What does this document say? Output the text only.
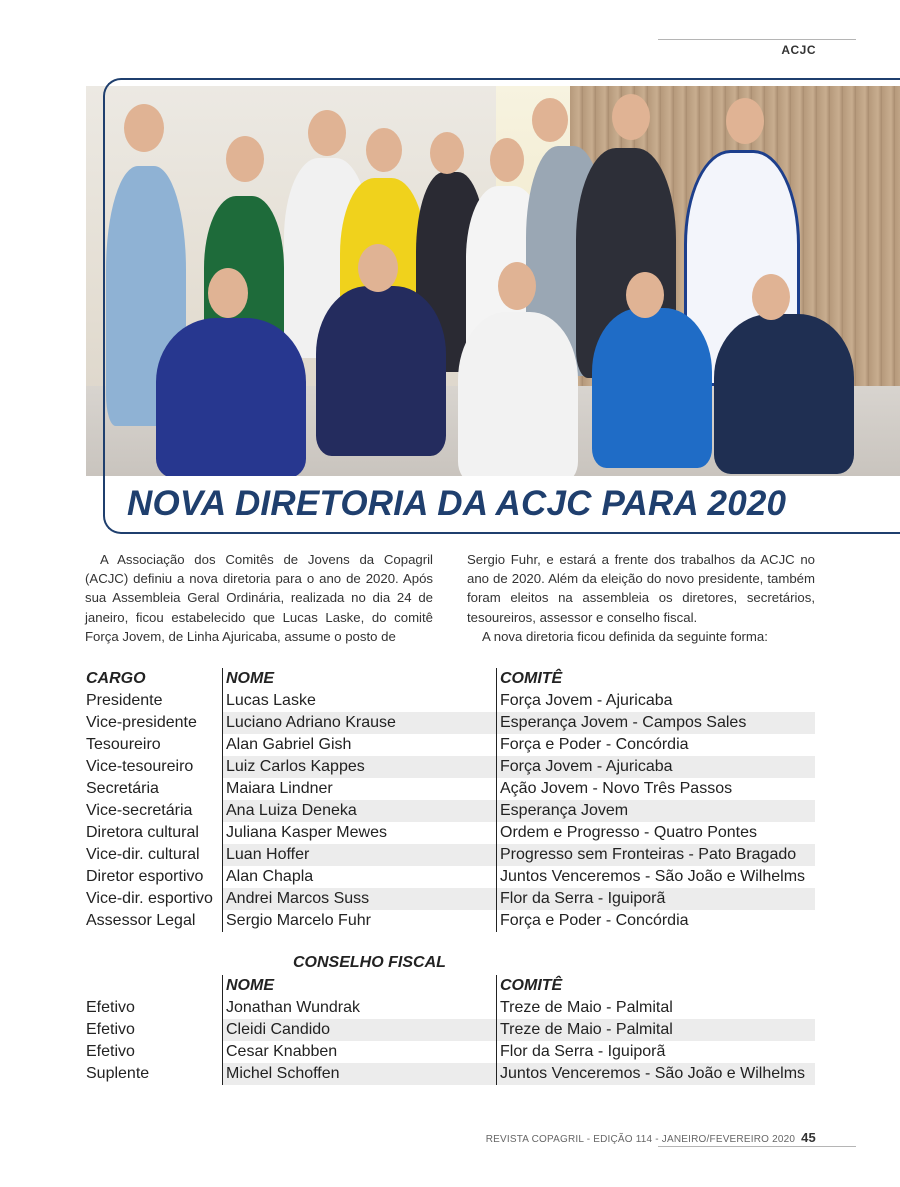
ACJC
NOVA DIRETORIA DA ACJC PARA 2020

A Associação dos Comitês de Jovens da Copagril (ACJC) definiu a nova diretoria para o ano de 2020. Após sua Assembleia Geral Ordinária, realizada no dia 24 de janeiro, ficou estabelecido que Lucas Laske, do comitê Força Jovem, de Linha Ajuricaba, assume o posto de

Sergio Fuhr, e estará a frente dos trabalhos da ACJC no ano de 2020. Além da eleição do novo presidente, também foram eleitos na assembleia os diretores, secretários, tesoureiros, assessor e conselho fiscal.

A nova diretoria ficou definida da seguinte forma:

CARGO	NOME	COMITÊ
Presidente	Lucas Laske	Força Jovem - Ajuricaba
Vice-presidente	Luciano Adriano Krause	Esperança Jovem - Campos Sales
Tesoureiro	Alan Gabriel Gish	Força e Poder - Concórdia
Vice-tesoureiro	Luiz Carlos Kappes	Força Jovem - Ajuricaba
Secretária	Maiara Lindner	Ação Jovem - Novo Três Passos
Vice-secretária	Ana Luiza Deneka	Esperança Jovem
Diretora cultural	Juliana Kasper Mewes	Ordem e Progresso - Quatro Pontes
Vice-dir. cultural	Luan Hoffer	Progresso sem Fronteiras - Pato Bragado
Diretor esportivo	Alan Chapla	Juntos Venceremos - São João e Wilhelms
Vice-dir. esportivo	Andrei Marcos Suss	Flor da Serra - Iguiporã
Assessor Legal	Sergio Marcelo Fuhr	Força e Poder - Concórdia
CONSELHO FISCAL
	NOME	COMITÊ
Efetivo	Jonathan Wundrak	Treze de Maio - Palmital
Efetivo	Cleidi Candido	Treze de Maio - Palmital
Efetivo	Cesar Knabben	Flor da Serra - Iguiporã
Suplente	Michel Schoffen	Juntos Venceremos - São João e Wilhelms
REVISTA COPAGRIL - EDIÇÃO 114 - JANEIRO/FEVEREIRO 2020 45
